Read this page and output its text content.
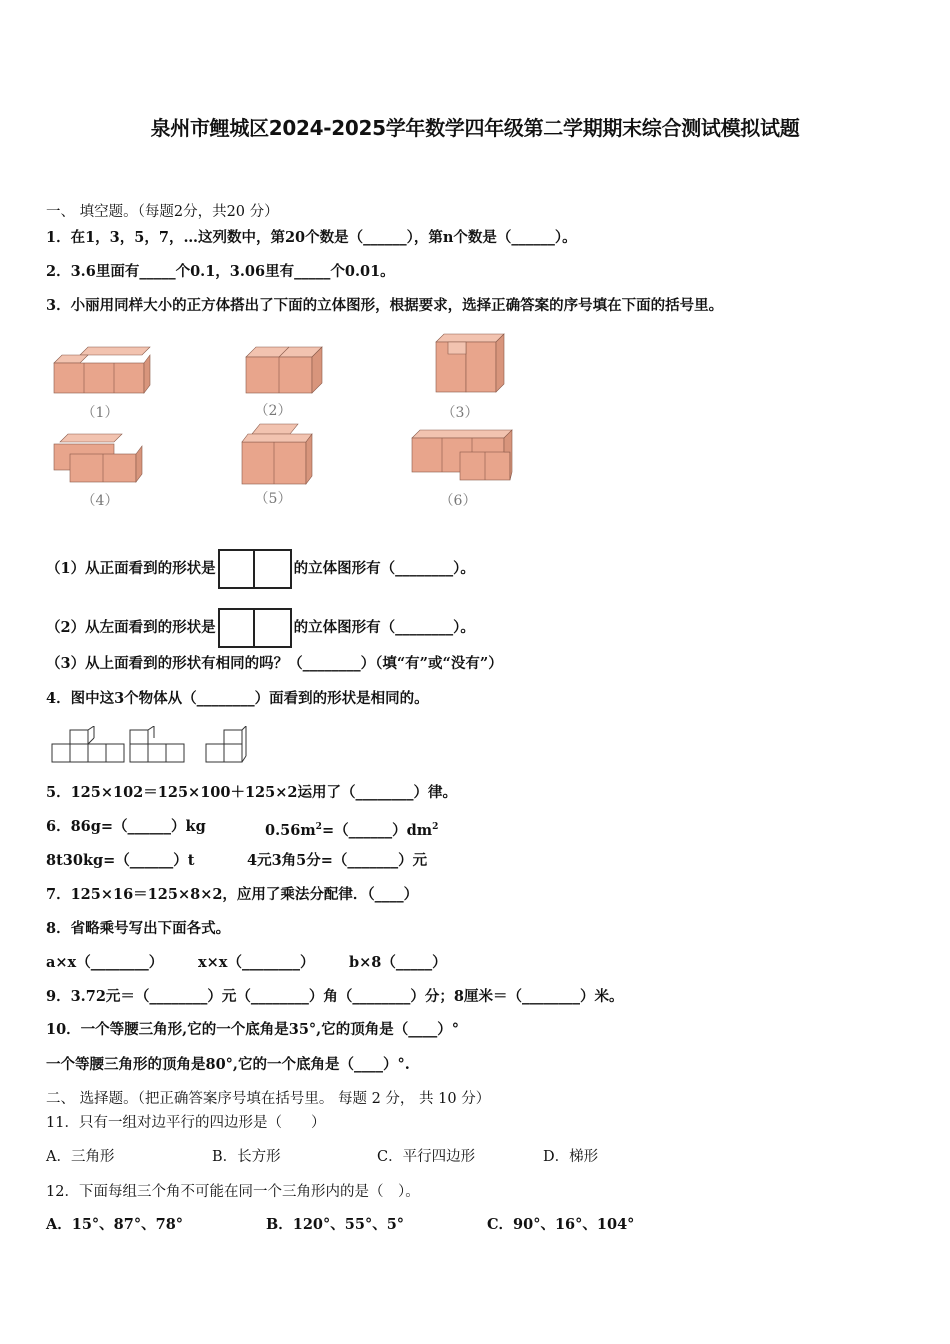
泉州市鲤城区2024-2025学年数学四年级第二学期期末综合测试模拟试题
一、 填空题。（每题2分，共20 分）
1．在1，3，5，7，…这列数中，第20个数是（______），第n个数是（______）。
2．3.6里面有_____个0.1，3.06里有_____个0.01。
3．小丽用同样大小的正方体搭出了下面的立体图形，根据要求，选择正确答案的序号填在下面的括号里。
（1）	（2）	（3）
（4）	（5）	（6）
（1）从正面看到的形状是	的立体图形有（________）。
（2）从左面看到的形状是	的立体图形有（________）。
（3）从上面看到的形状有相同的吗？（________）（填“有”或“没有”）
4．图中这3个物体从（________）面看到的形状是相同的。
5．125×102＝125×100＋125×2运用了（________）律。
6．86g=（______）kg	$0.56m^2=(\_\_\_\_\_\_)dm^2$
8t30kg=（______）t	4元3角5分=（_______）元
7．125×16＝125×8×2，应用了乘法分配律．（____）
8．省略乘号写出下面各式。
a×x（________） x×x（________） b×8（_____）
9．3.72元＝（________）元（________）角（________）分；8厘米＝（________）米。
10．一个等腰三角形,它的一个底角是35°,它的顶角是（____）°
一个等腰三角形的顶角是80°,它的一个底角是（____）°.
二、 选择题。（把正确答案序号填在括号里。 每题 2 分， 共 10 分）
11．只有一组对边平行的四边形是（　　）
A．三角形	B．长方形	C．平行四边形	D．梯形
12．下面每组三个角不可能在同一个三角形内的是（　）。
A．15°、87°、78°	B．120°、55°、5°	C．90°、16°、104°
